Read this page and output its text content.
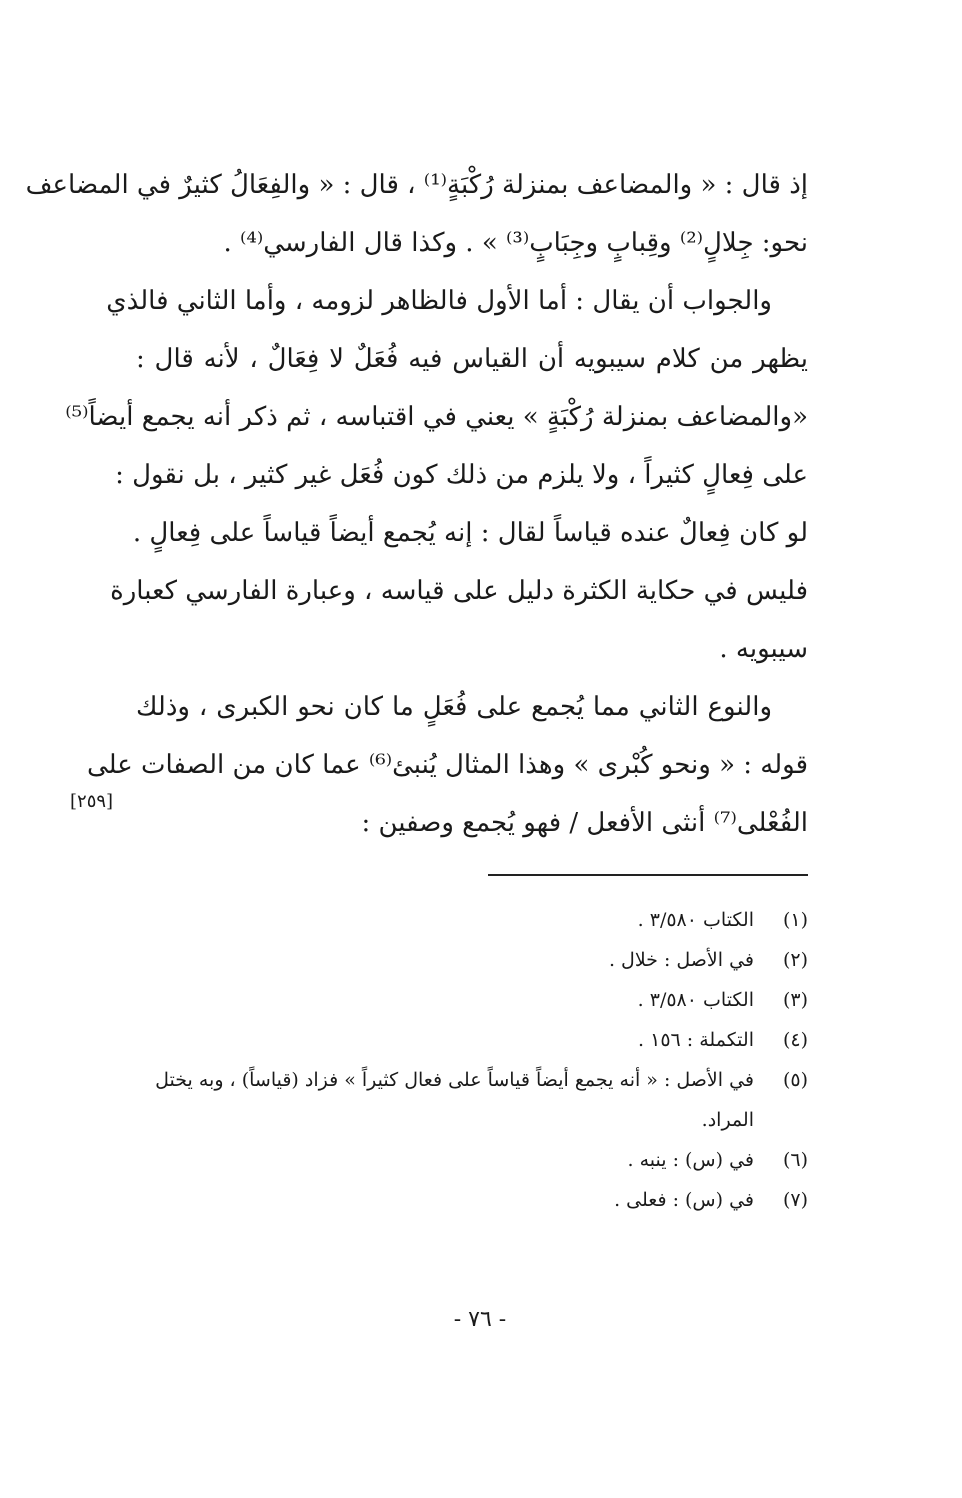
إذ قال : « والمضاعف بمنزلة رُكْبَةٍ⁽¹⁾ ، قال : « والفِعَالُ كثيرٌ في المضاعف
نحو: جِلالٍ⁽²⁾ وقِبابٍ وجِبَابٍ⁽³⁾ » . وكذا قال الفارسي⁽⁴⁾ .
والجواب أن يقال : أما الأول فالظاهر لزومه ، وأما الثاني فالذي
يظهر من كلام سيبويه أن القياس فيه فُعَلٌ لا فِعَالٌ ، لأنه قال :
«والمضاعف بمنزلة رُكْبَةٍ » يعني في اقتباسه ، ثم ذكر أنه يجمع أيضاً⁽⁵⁾
على فِعالٍ كثيراً ، ولا يلزم من ذلك كون فُعَل غير كثير ، بل نقول :
لو كان فِعالٌ عنده قياساً لقال : إنه يُجمع أيضاً قياساً على فِعالٍ .
فليس في حكاية الكثرة دليل على قياسه ، وعبارة الفارسي كعبارة
سيبويه .
والنوع الثاني مما يُجمع على فُعَلٍ ما كان نحو الكبرى ، وذلك
قوله : « ونحو كُبْرى » وهذا المثال يُنبئ⁽⁶⁾ عما كان من الصفات على
الفُعْلى⁽⁷⁾ أنثى الأفعل / فهو يُجمع وصفين :
[٢٥٩]
(١)
الكتاب ٣/٥٨٠ .
(٢)
في الأصل : خلال .
(٣)
الكتاب ٣/٥٨٠ .
(٤)
التكملة : ١٥٦ .
(٥)
في الأصل : « أنه يجمع أيضاً قياساً على فعال كثيراً » فزاد (قياساً) ، وبه يختل المراد.
(٦)
في (س) : ينبه .
(٧)
في (س) : فعلى .
- ٧٦ -
